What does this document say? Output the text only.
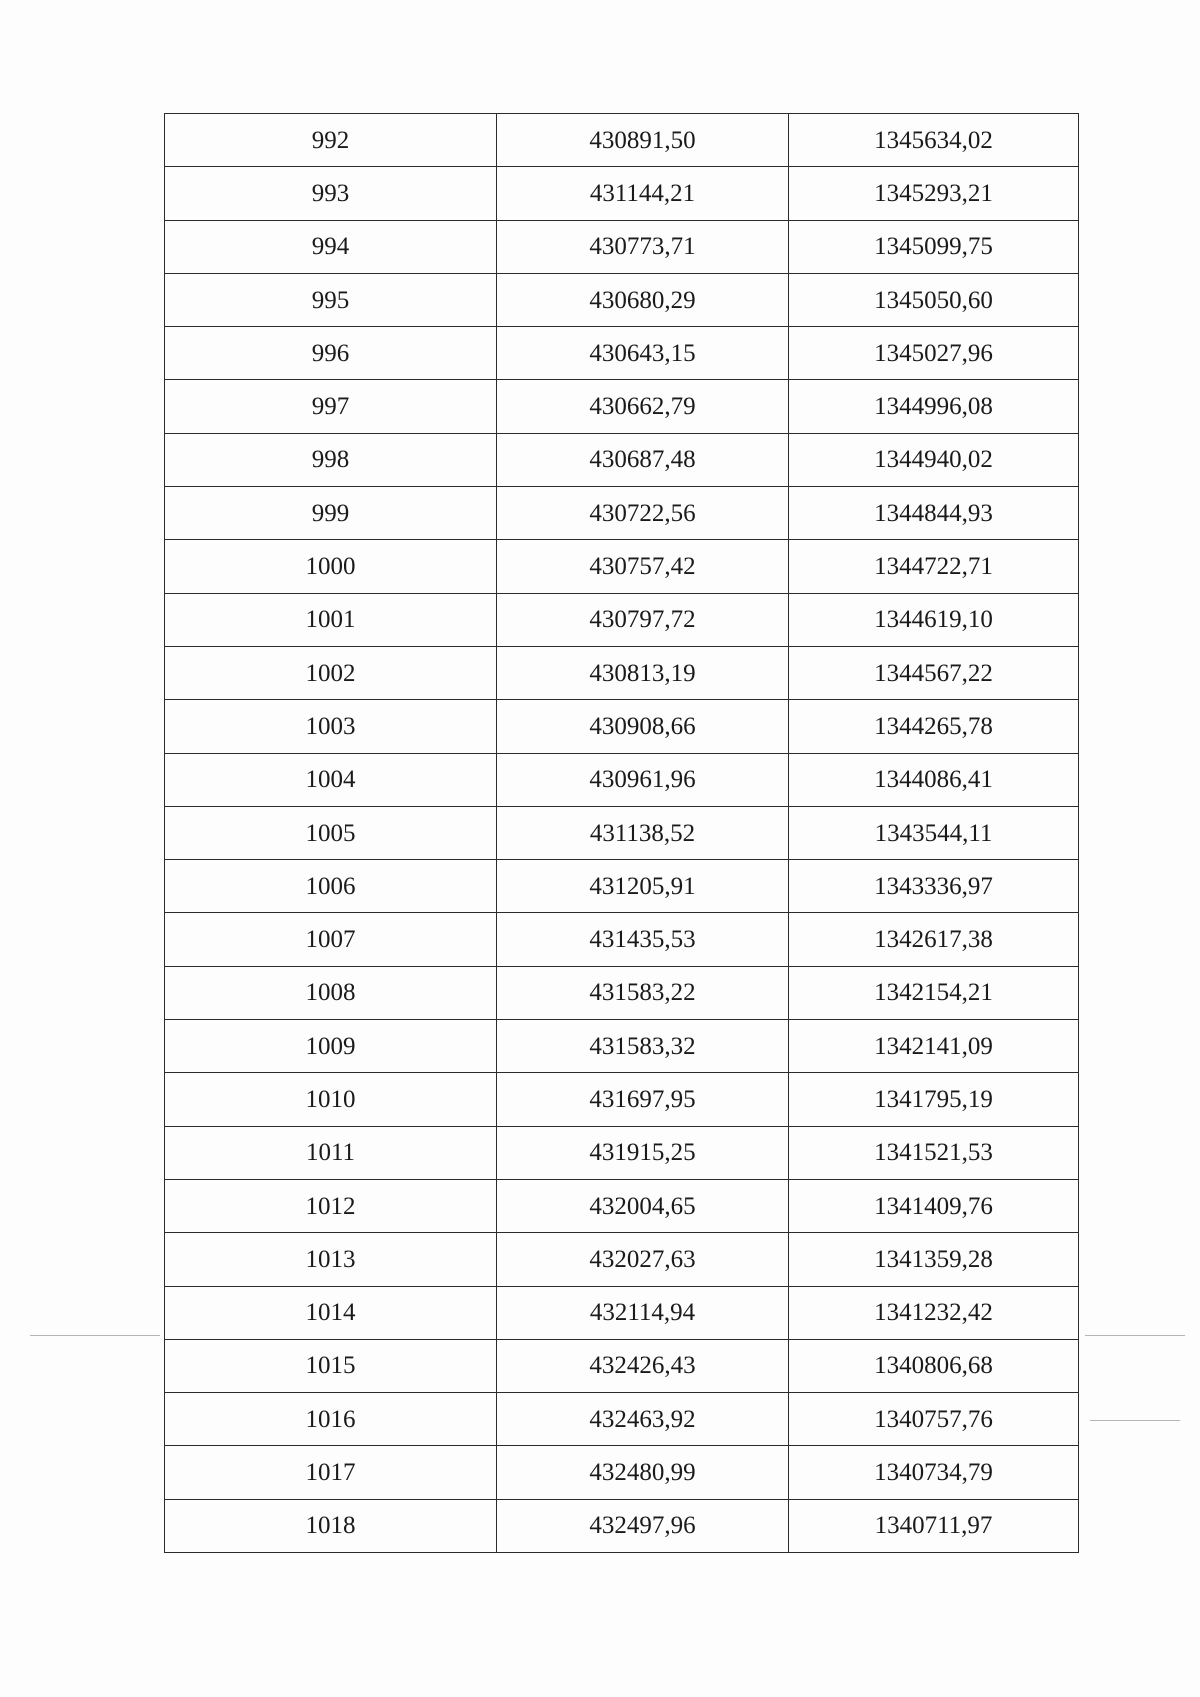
992	430891,50	1345634,02
993	431144,21	1345293,21
994	430773,71	1345099,75
995	430680,29	1345050,60
996	430643,15	1345027,96
997	430662,79	1344996,08
998	430687,48	1344940,02
999	430722,56	1344844,93
1000	430757,42	1344722,71
1001	430797,72	1344619,10
1002	430813,19	1344567,22
1003	430908,66	1344265,78
1004	430961,96	1344086,41
1005	431138,52	1343544,11
1006	431205,91	1343336,97
1007	431435,53	1342617,38
1008	431583,22	1342154,21
1009	431583,32	1342141,09
1010	431697,95	1341795,19
1011	431915,25	1341521,53
1012	432004,65	1341409,76
1013	432027,63	1341359,28
1014	432114,94	1341232,42
1015	432426,43	1340806,68
1016	432463,92	1340757,76
1017	432480,99	1340734,79
1018	432497,96	1340711,97
